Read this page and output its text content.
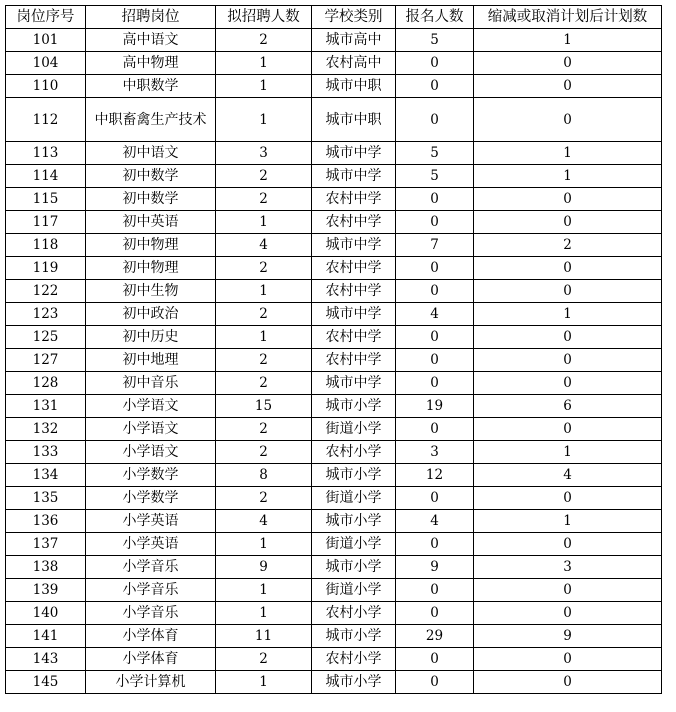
岗位序号	招聘岗位	拟招聘人数	学校类别	报名人数	缩减或取消计划后计划数
101	高中语文	2	城市高中	5	1
104	高中物理	1	农村高中	0	0
110	中职数学	1	城市中职	0	0
112	中职畜禽生产技术	1	城市中职	0	0
113	初中语文	3	城市中学	5	1
114	初中数学	2	城市中学	5	1
115	初中数学	2	农村中学	0	0
117	初中英语	1	农村中学	0	0
118	初中物理	4	城市中学	7	2
119	初中物理	2	农村中学	0	0
122	初中生物	1	农村中学	0	0
123	初中政治	2	城市中学	4	1
125	初中历史	1	农村中学	0	0
127	初中地理	2	农村中学	0	0
128	初中音乐	2	城市中学	0	0
131	小学语文	15	城市小学	19	6
132	小学语文	2	街道小学	0	0
133	小学语文	2	农村小学	3	1
134	小学数学	8	城市小学	12	4
135	小学数学	2	街道小学	0	0
136	小学英语	4	城市小学	4	1
137	小学英语	1	街道小学	0	0
138	小学音乐	9	城市小学	9	3
139	小学音乐	1	街道小学	0	0
140	小学音乐	1	农村小学	0	0
141	小学体育	11	城市小学	29	9
143	小学体育	2	农村小学	0	0
145	小学计算机	1	城市小学	0	0
